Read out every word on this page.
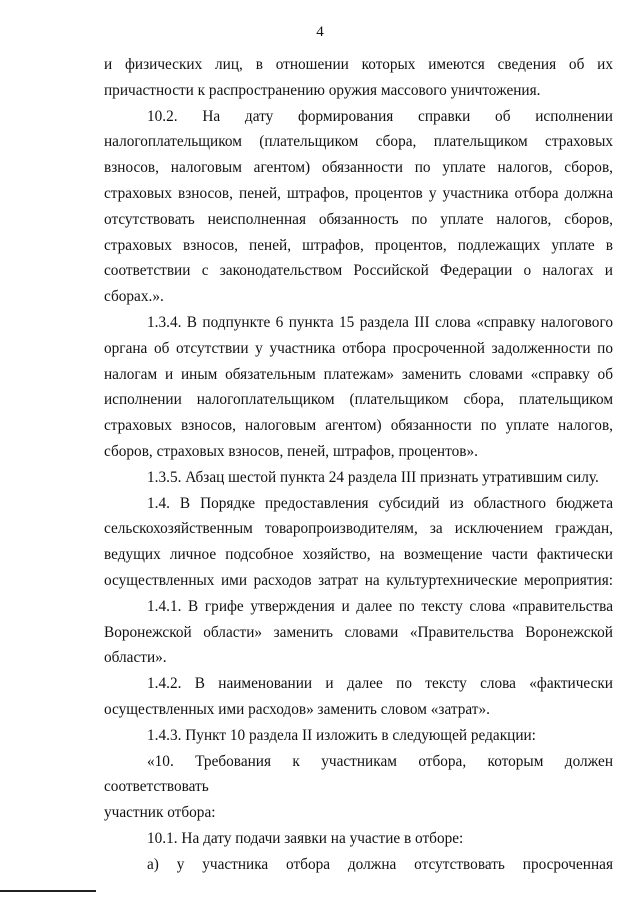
4

и физических лиц, в отношении которых имеются сведения об их

причастности к распространению оружия массового уничтожения.

10.2. На дату формирования справки об исполнении

налогоплательщиком (плательщиком сбора, плательщиком страховых

взносов, налоговым агентом) обязанности по уплате налогов, сборов,

страховых взносов, пеней, штрафов, процентов у участника отбора должна

отсутствовать неисполненная обязанность по уплате налогов, сборов,

страховых взносов, пеней, штрафов, процентов, подлежащих уплате в

соответствии с законодательством Российской Федерации о налогах и

сборах.».

1.3.4. В подпункте 6 пункта 15 раздела III слова «справку налогового

органа об отсутствии у участника отбора просроченной задолженности по

налогам и иным обязательным платежам» заменить словами «справку об

исполнении налогоплательщиком (плательщиком сбора, плательщиком

страховых взносов, налоговым агентом) обязанности по уплате налогов,

сборов, страховых взносов, пеней, штрафов, процентов».

1.3.5. Абзац шестой пункта 24 раздела III признать утратившим силу.

1.4. В Порядке предоставления субсидий из областного бюджета

сельскохозяйственным товаропроизводителям, за исключением граждан,

ведущих личное подсобное хозяйство, на возмещение части фактически

осуществленных ими расходов затрат на культуртехнические мероприятия:

1.4.1. В грифе утверждения и далее по тексту слова «правительства

Воронежской области» заменить словами «Правительства Воронежской

области».

1.4.2. В наименовании и далее по тексту слова «фактически

осуществленных ими расходов» заменить словом «затрат».

1.4.3. Пункт 10 раздела II изложить в следующей редакции:

«10. Требования к участникам отбора, которым должен соответствовать

участник отбора:

10.1. На дату подачи заявки на участие в отборе:

а) у участника отбора должна отсутствовать просроченная
